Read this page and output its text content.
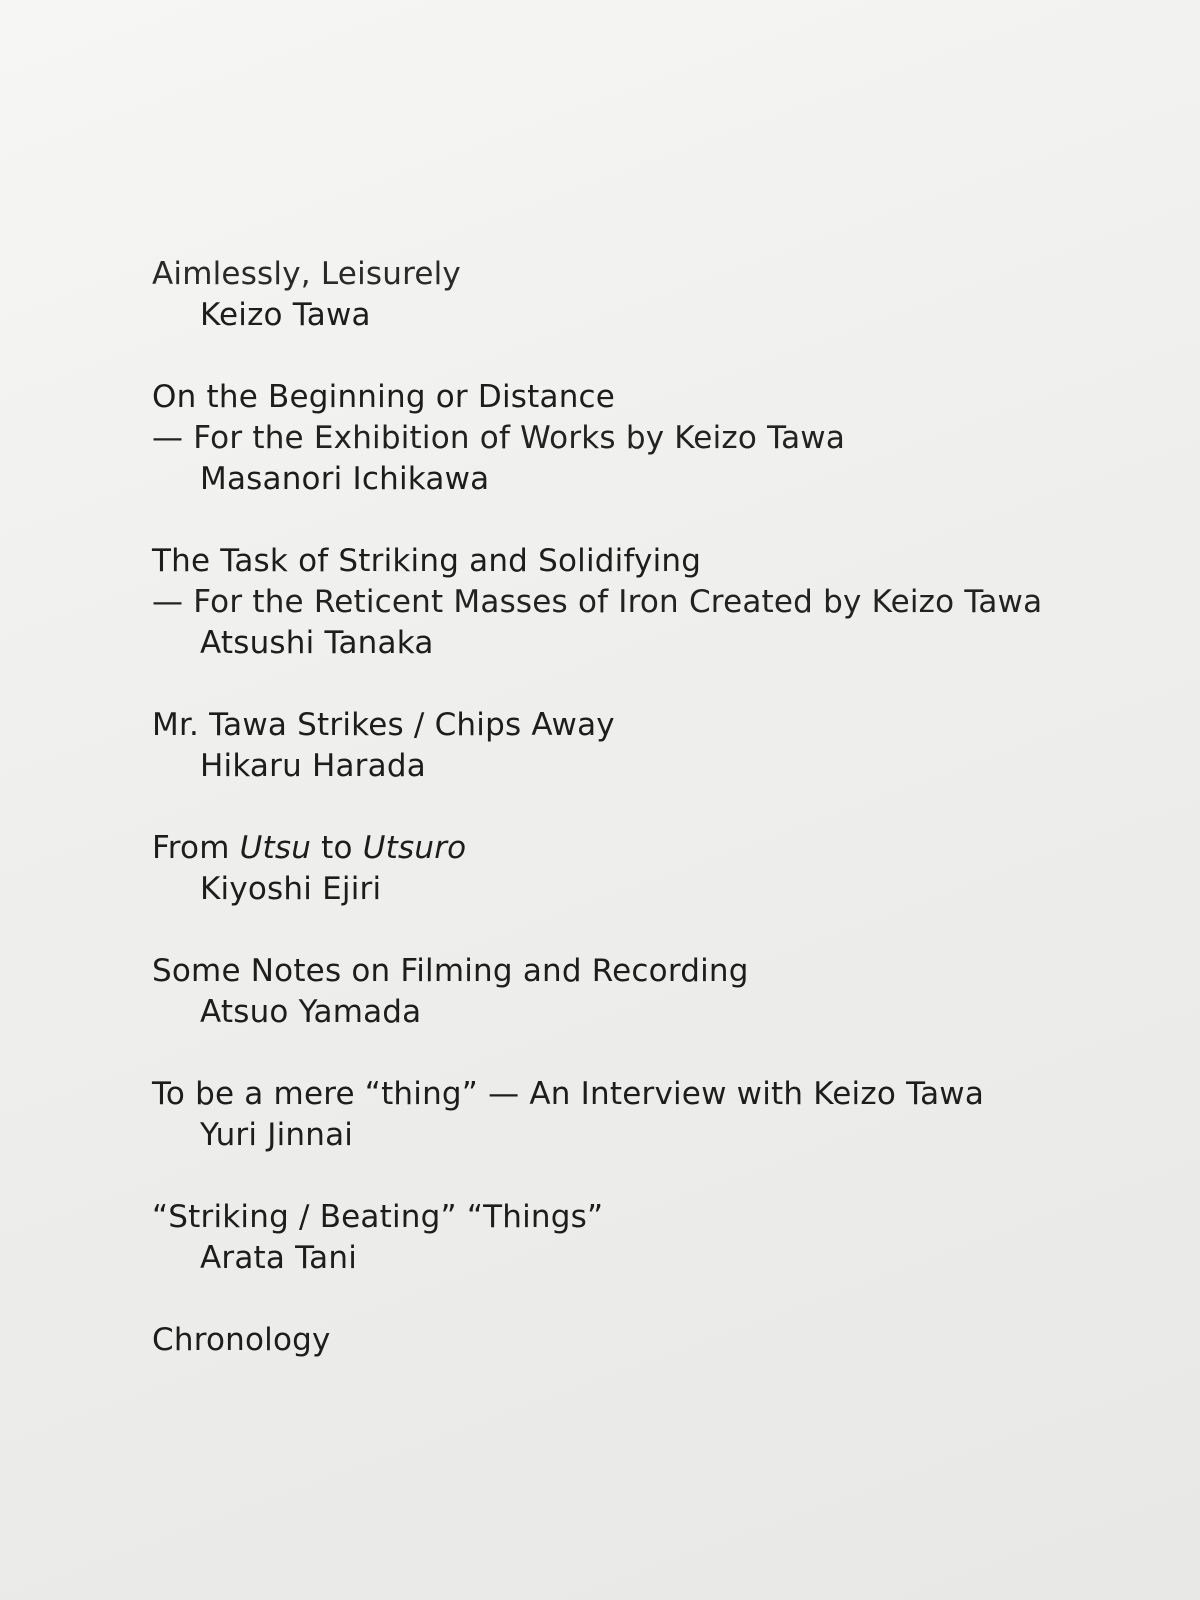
Aimlessly, Leisurely

Keizo Tawa

On the Beginning or Distance

— For the Exhibition of Works by Keizo Tawa

Masanori Ichikawa

The Task of Striking and Solidifying

— For the Reticent Masses of Iron Created by Keizo Tawa

Atsushi Tanaka

Mr. Tawa Strikes / Chips Away

Hikaru Harada

From Utsu to Utsuro

Kiyoshi Ejiri

Some Notes on Filming and Recording

Atsuo Yamada

To be a mere “thing” — An Interview with Keizo Tawa

Yuri Jinnai

“Striking / Beating” “Things”

Arata Tani

Chronology
